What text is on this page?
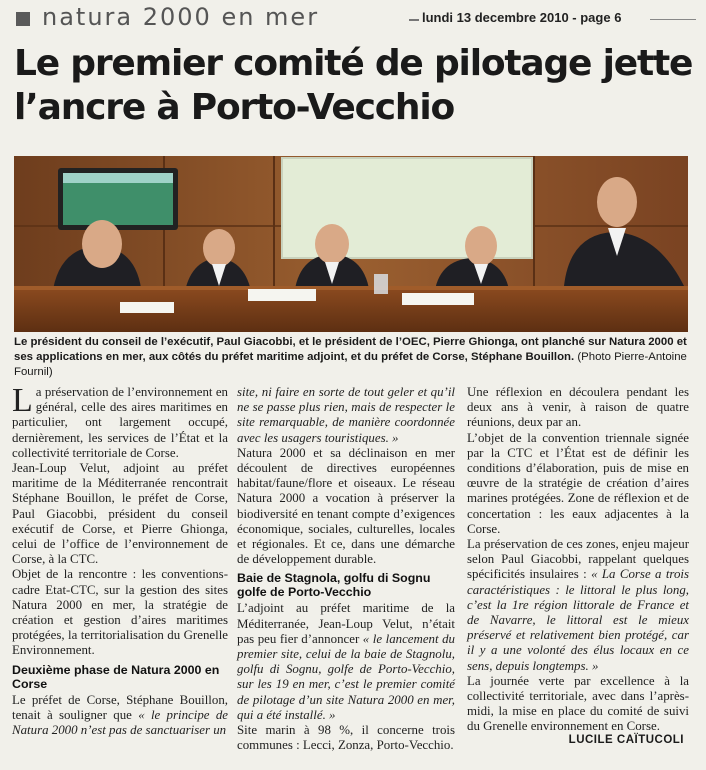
natura 2000 en mer	lundi 13 decembre 2010 - page 6
Le premier comité de pilotage jette l’ancre à Porto-Vecchio

Le président du conseil de l’exécutif, Paul Giacobbi, et le président de l’OEC, Pierre Ghionga, ont planché sur Natura 2000 et ses applications en mer, aux côtés du préfet maritime adjoint, et du préfet de Corse, Stéphane Bouillon. (Photo Pierre-Antoine Fournil)

La préservation de l’environnement en général, celle des aires maritimes en particulier, ont largement occupé, dernièrement, les services de l’État et la collectivité territoriale de Corse.

Jean-Loup Velut, adjoint au préfet maritime de la Méditerranée rencontrait Stéphane Bouillon, le préfet de Corse, Paul Giacobbi, président du conseil exécutif de Corse, et Pierre Ghionga, celui de l’office de l’environnement de Corse, à la CTC.

Objet de la rencontre : les conventions-cadre Etat-CTC, sur la gestion des sites Natura 2000 en mer, la stratégie de création et gestion d’aires maritimes protégées, la territorialisation du Grenelle Environnement.

Deuxième phase de Natura 2000 en Corse

Le préfet de Corse, Stéphane Bouillon, tenait à souligner que « le principe de Natura 2000 n’est pas de sanctuariser un

site, ni faire en sorte de tout geler et qu’il ne se passe plus rien, mais de respecter le site remarquable, de manière coordonnée avec les usagers touristiques. »

Natura 2000 et sa déclinaison en mer découlent de directives européennes habitat/faune/flore et oiseaux. Le réseau Natura 2000 a vocation à préserver la biodiversité en tenant compte d’exigences économique, sociales, culturelles, locales et régionales. Et ce, dans une démarche de développement durable.

Baie de Stagnola, golfu di Sognu golfe de Porto-Vecchio

L’adjoint au préfet maritime de la Méditerranée, Jean-Loup Velut, n’était pas peu fier d’annoncer « le lancement du premier site, celui de la baie de Stagnolu, golfu di Sognu, golfe de Porto-Vecchio, sur les 19 en mer, c’est le premier comité de pilotage d’un site Natura 2000 en mer, qui a été installé. »

Site marin à 98 %, il concerne trois communes : Lecci, Zonza, Porto-Vecchio.

Une réflexion en découlera pendant les deux ans à venir, à raison de quatre réunions, deux par an.

L’objet de la convention triennale signée par la CTC et l’État est de définir les conditions d’élaboration, puis de mise en œuvre de la stratégie de création d’aires marines protégées. Zone de réflexion et de concertation : les eaux adjacentes à la Corse.

La préservation de ces zones, enjeu majeur selon Paul Giacobbi, rappelant quelques spécificités insulaires : « La Corse a trois caractéristiques : le littoral le plus long, c’est la 1re région littorale de France et de Navarre, le littoral est le mieux préservé et relativement bien protégé, car il y a une volonté des élus locaux en ce sens, depuis longtemps. »

La journée verte par excellence à la collectivité territoriale, avec dans l’après-midi, la mise en place du comité de suivi du Grenelle environnement en Corse.

LUCILE CAÏTUCOLI
